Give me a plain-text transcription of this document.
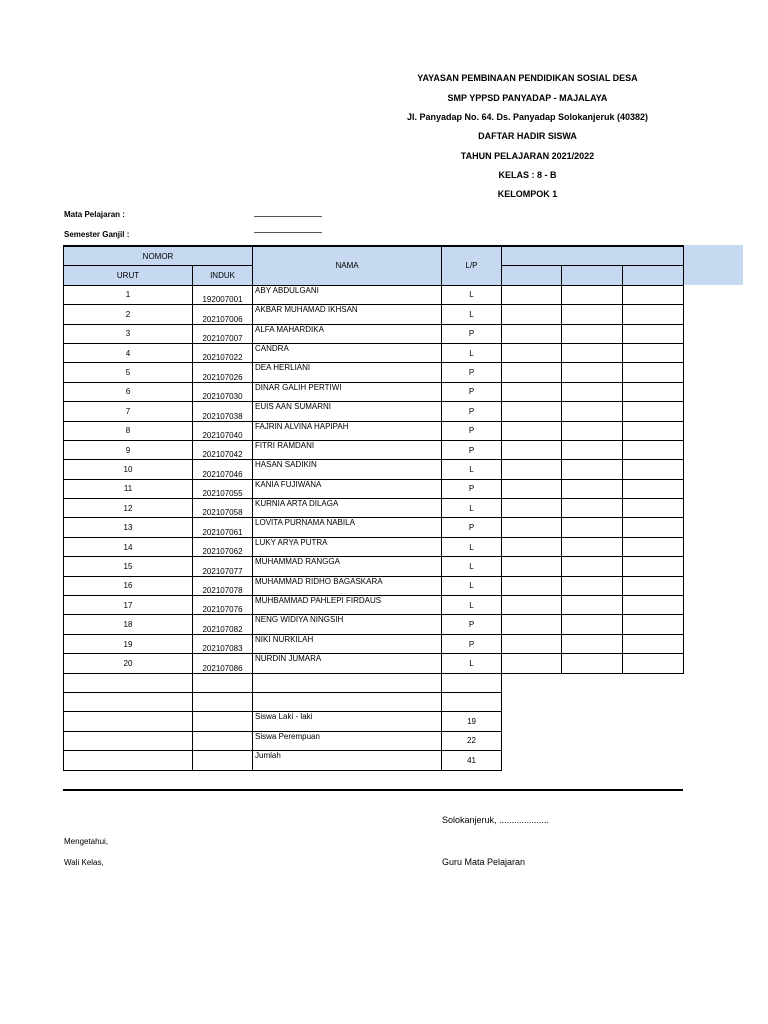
YAYASAN PEMBINAAN PENDIDIKAN SOSIAL DESA
SMP YPPSD PANYADAP - MAJALAYA
Jl. Panyadap No. 64. Ds. Panyadap Solokanjeruk (40382)
DAFTAR HADIR SISWA
TAHUN PELAJARAN 2021/2022
KELAS : 8 - B
KELOMPOK 1
Mata Pelajaran :
Semester Ganjil :
NOMOR		NAMA	L/P			
URUT	INDUK					
1	192007001	ABY ABDULGANI	L			
2	202107006	AKBAR MUHAMAD IKHSAN	L			
3	202107007	ALFA MAHARDIKA	P			
4	202107022	CANDRA	L			
5	202107026	DEA HERLIANI	P			
6	202107030	DINAR GALIH PERTIWI	P			
7	202107038	EUIS AAN SUMARNI	P			
8	202107040	FAJRIN ALVINA HAPIPAH	P			
9	202107042	FITRI RAMDANI	P			
10	202107046	HASAN SADIKIN	L			
11	202107055	KANIA FUJIWANA	P			
12	202107058	KURNIA ARTA DILAGA	L			
13	202107061	LOVITA PURNAMA NABILA	P			
14	202107062	LUKY ARYA PUTRA	L			
15	202107077	MUHAMMAD RANGGA	L			
16	202107078	MUHAMMAD RIDHO BAGASKARA	L			
17	202107076	MUHBAMMAD PAHLEPI FIRDAUS	L			
18	202107082	NENG WIDIYA NINGSIH	P			
19	202107083	NIKI NURKILAH	P			
20	202107086	NURDIN JUMARA	L			

		Siswa Laki - laki	19			
		Siswa Perempuan	22			
		Jumlah	41			
Solokanjeruk, ....................
Mengetahui,
Wali Kelas,	Guru Mata Pelajaran
